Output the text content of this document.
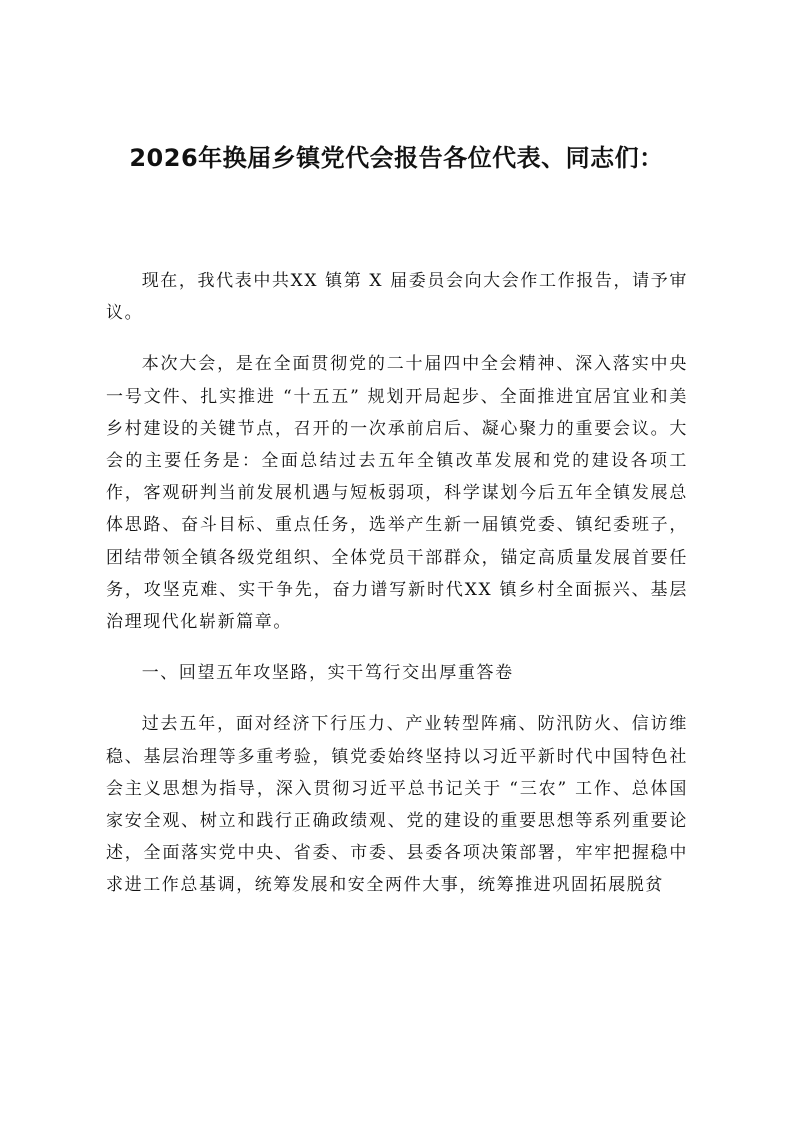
2026年换届乡镇党代会报告各位代表、同志们：

现在，我代表中共XX 镇第 X 届委员会向大会作工作报告，请予审议。

本次大会，是在全面贯彻党的二十届四中全会精神、深入落实中央一号文件、扎实推进 “十五五” 规划开局起步、全面推进宜居宜业和美乡村建设的关键节点，召开的一次承前启后、凝心聚力的重要会议。大会的主要任务是：全面总结过去五年全镇改革发展和党的建设各项工作，客观研判当前发展机遇与短板弱项，科学谋划今后五年全镇发展总体思路、奋斗目标、重点任务，选举产生新一届镇党委、镇纪委班子，团结带领全镇各级党组织、全体党员干部群众，锚定高质量发展首要任务，攻坚克难、实干争先，奋力谱写新时代XX 镇乡村全面振兴、基层治理现代化崭新篇章。

一、回望五年攻坚路，实干笃行交出厚重答卷

过去五年，面对经济下行压力、产业转型阵痛、防汛防火、信访维稳、基层治理等多重考验，镇党委始终坚持以习近平新时代中国特色社会主义思想为指导，深入贯彻习近平总书记关于 “三农” 工作、总体国家安全观、树立和践行正确政绩观、党的建设的重要思想等系列重要论述，全面落实党中央、省委、市委、县委各项决策部署，牢牢把握稳中求进工作总基调，统筹发展和安全两件大事，统筹推进巩固拓展脱贫
